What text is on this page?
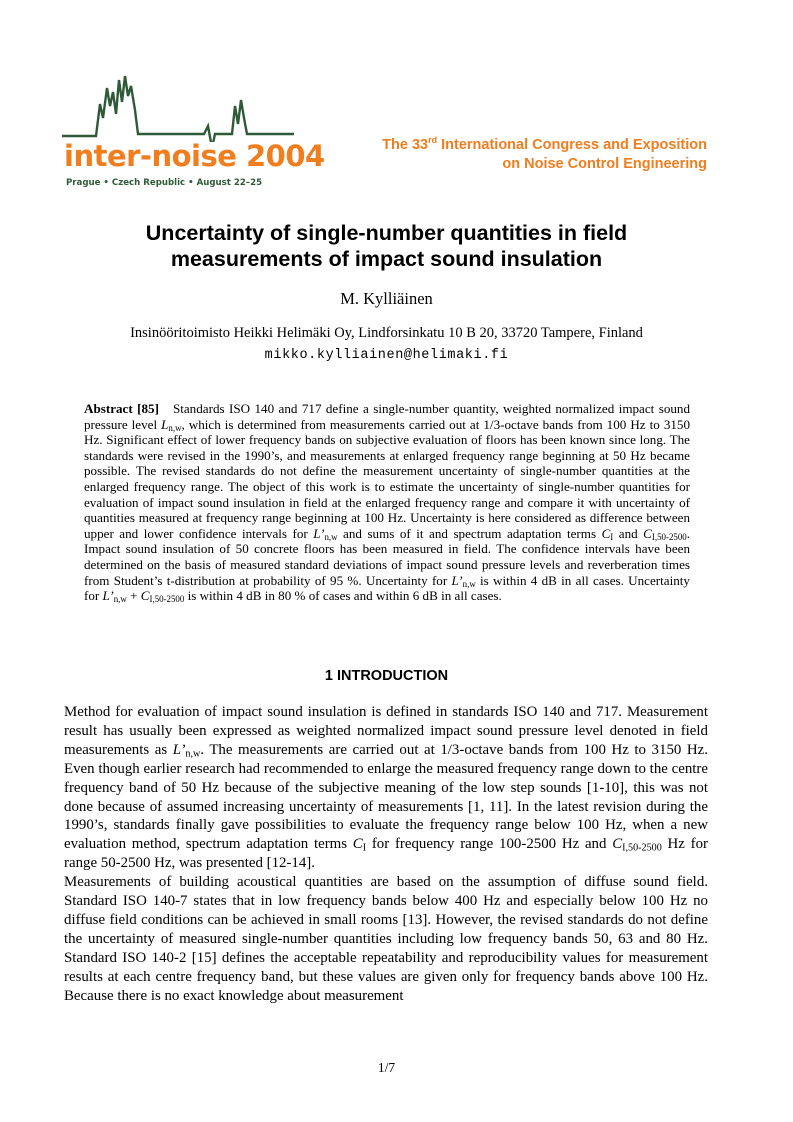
inter-noise 2004
Prague • Czech Republic • August 22–25
The 33rd International Congress and Exposition
on Noise Control Engineering
Uncertainty of single-number quantities in field
measurements of impact sound insulation
M. Kylliäinen
Insinööritoimisto Heikki Helimäki Oy, Lindforsinkatu 10 B 20, 33720 Tampere, Finland
mikko.kylliainen@helimaki.fi
Abstract [85] Standards ISO 140 and 717 define a single-number quantity, weighted normalized impact sound pressure level $L_{n,w}$, which is determined from measurements carried out at 1/3-octave bands from 100 Hz to 3150 Hz. Significant effect of lower frequency bands on subjective evaluation of floors has been known since long. The standards were revised in the 1990’s, and measurements at enlarged frequency range beginning at 50 Hz became possible. The revised standards do not define the measurement uncertainty of single-number quantities at the enlarged frequency range. The object of this work is to estimate the uncertainty of single-number quantities for evaluation of impact sound insulation in field at the enlarged frequency range and compare it with uncertainty of quantities measured at frequency range beginning at 100 Hz. Uncertainty is here considered as difference between upper and lower confidence intervals for $L’_{n,w}$ and sums of it and spectrum adaptation terms $C_I$ and $C_{I,50-2500}$. Impact sound insulation of 50 concrete floors has been measured in field. The confidence intervals have been determined on the basis of measured standard deviations of impact sound pressure levels and reverberation times from Student’s t-distribution at probability of 95 %. Uncertainty for $L’_{n,w}$ is within 4 dB in all cases. Uncertainty for $L’_{n,w} + C_{I,50-2500}$ is within 4 dB in 80 % of cases and within 6 dB in all cases.
1 INTRODUCTION

Method for evaluation of impact sound insulation is defined in standards ISO 140 and 717. Measurement result has usually been expressed as weighted normalized impact sound pressure level denoted in field measurements as $L’_{n,w}$. The measurements are carried out at 1/3-octave bands from 100 Hz to 3150 Hz. Even though earlier research had recommended to enlarge the measured frequency range down to the centre frequency band of 50 Hz because of the subjective meaning of the low step sounds [1-10], this was not done because of assumed increasing uncertainty of measurements [1, 11]. In the latest revision during the 1990’s, standards finally gave possibilities to evaluate the frequency range below 100 Hz, when a new evaluation method, spectrum adaptation terms $C_I$ for frequency range 100-2500 Hz and $C_{I,50-2500}$ Hz for range 50-2500 Hz, was presented [12-14].

Measurements of building acoustical quantities are based on the assumption of diffuse sound field. Standard ISO 140-7 states that in low frequency bands below 400 Hz and especially below 100 Hz no diffuse field conditions can be achieved in small rooms [13]. However, the revised standards do not define the uncertainty of measured single-number quantities including low frequency bands 50, 63 and 80 Hz. Standard ISO 140-2 [15] defines the acceptable repeatability and reproducibility values for measurement results at each centre frequency band, but these values are given only for frequency bands above 100 Hz. Because there is no exact knowledge about measurement

1/7
